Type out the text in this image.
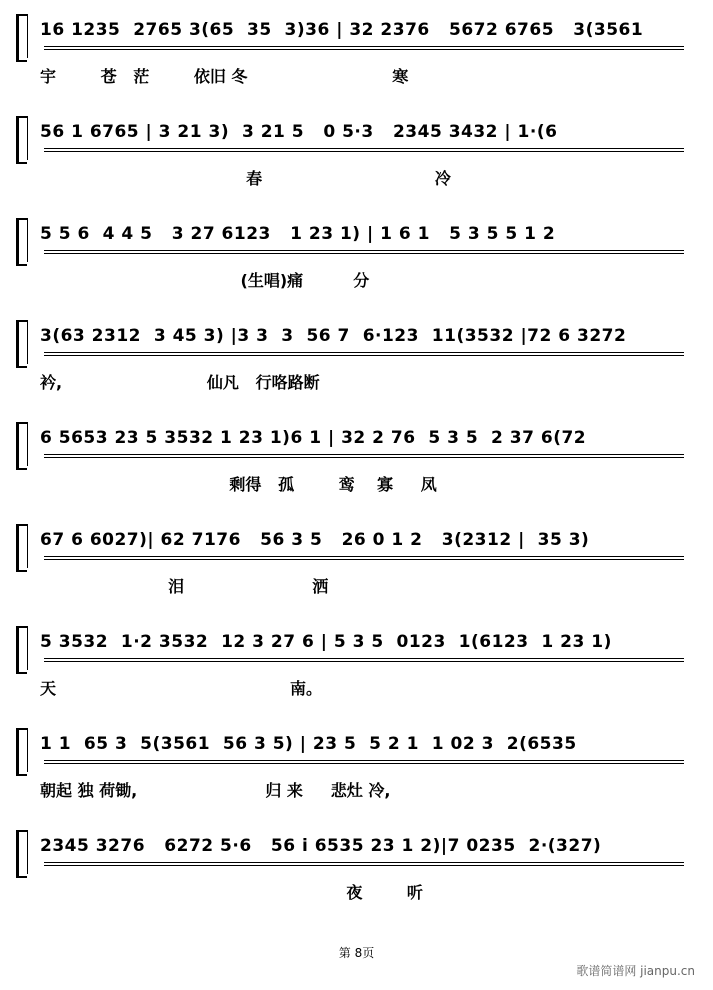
16 1235  2765 3(65  35  3)36 | 32 2376   5672 6765   3(3561
宇        苍   茫        依旧 冬                          寒
56 1 6765 | 3 21 3)  3 21 5   0 5·3   2345 3432 | 1·(6
春                               冷
5 5 6  4 4 5   3 27 6123   1 23 1) | 1 6 1   5 3 5 5 1 2
(生唱)痛         分
3(63 2312  3 45 3) |3 3  3  56 7  6·123  11(3532 |72 6 3272
衿,                          仙凡   行咯路断
6 5653 23 5 3532 1 23 1)6 1 | 32 2 76  5 3 5  2 37 6(72
剩得   孤        鸾    寡     凤
67 6 6027)| 62 7176   56 3 5   26 0 1 2   3(2312 |  35 3)
泪                       洒
5 3532  1·2 3532  12 3 27 6 | 5 3 5  0123  1(6123  1 23 1)
天                                          南。
1 1  65 3  5(3561  56 3 5) | 23 5  5 2 1  1 02 3  2(6535
朝起 独 荷锄,                       归 来     悲灶 冷,
2345 3276   6272 5·6   56 i 6535 23 1 2)|7 0235  2·(327)
夜        听
第 8页
歌谱简谱网 jianpu.cn
